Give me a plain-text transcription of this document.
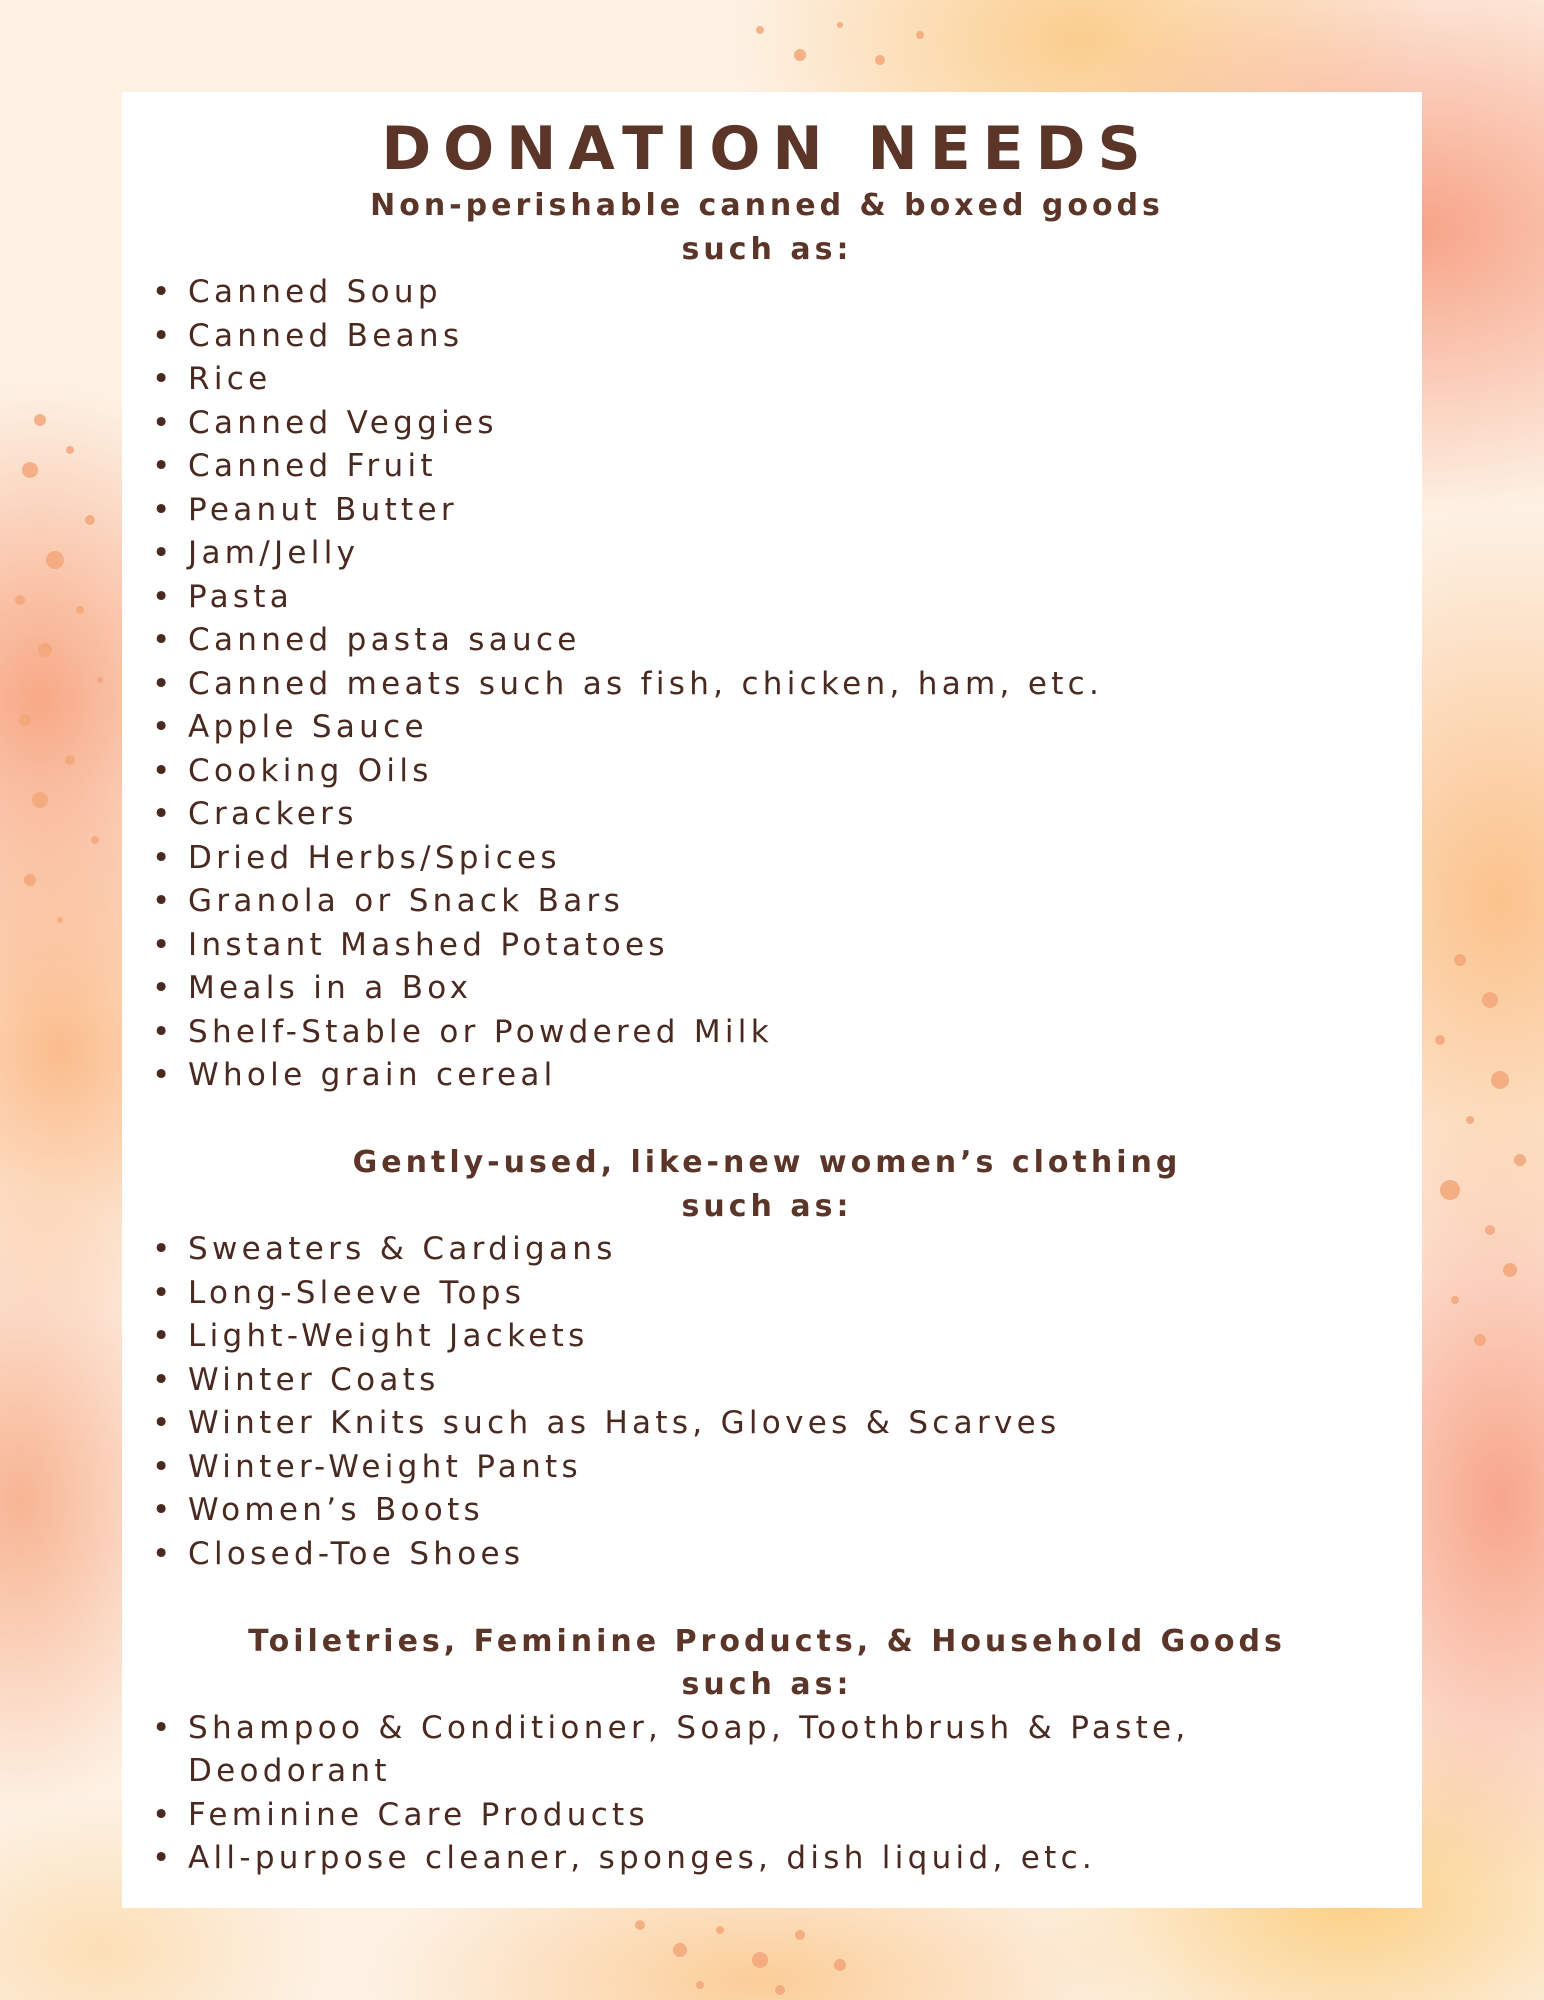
DONATION NEEDS
Non-perishable canned & boxed goods
such as:
• Canned Soup
• Canned Beans
• Rice
• Canned Veggies
• Canned Fruit
• Peanut Butter
• Jam/Jelly
• Pasta
• Canned pasta sauce
• Canned meats such as fish, chicken, ham, etc.
• Apple Sauce
• Cooking Oils
• Crackers
• Dried Herbs/Spices
• Granola or Snack Bars
• Instant Mashed Potatoes
• Meals in a Box
• Shelf-Stable or Powdered Milk
• Whole grain cereal
Gently-used, like-new women’s clothing
such as:
• Sweaters & Cardigans
• Long-Sleeve Tops
• Light-Weight Jackets
• Winter Coats
• Winter Knits such as Hats, Gloves & Scarves
• Winter-Weight Pants
• Women’s Boots
• Closed-Toe Shoes
Toiletries, Feminine Products, & Household Goods
such as:
• Shampoo & Conditioner, Soap, Toothbrush & Paste, Deodorant
• Feminine Care Products
• All-purpose cleaner, sponges, dish liquid, etc.
